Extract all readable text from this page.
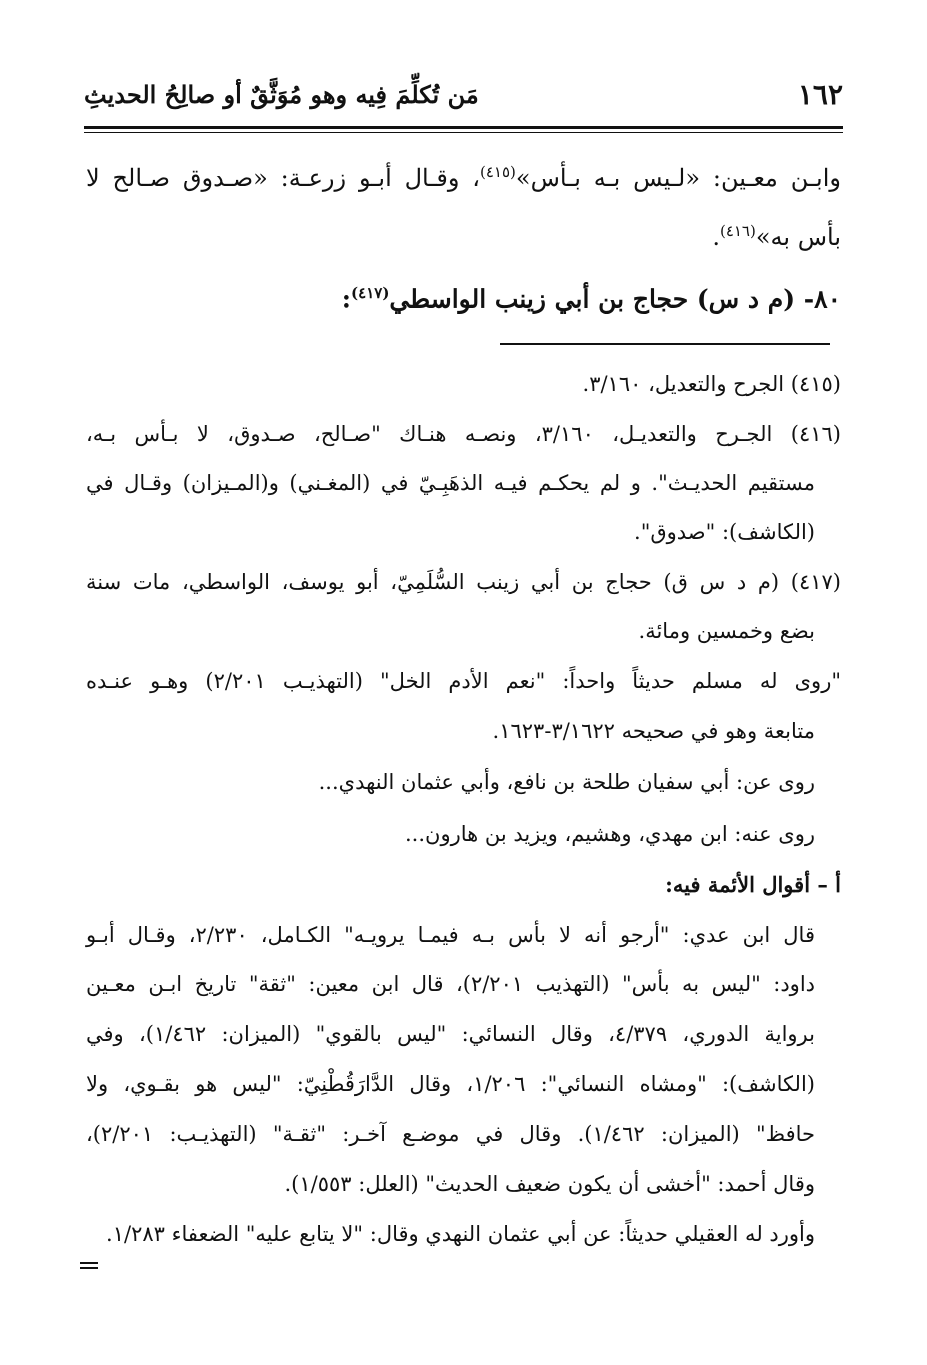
١٦٢
مَن تُكلِّمَ فِيه وهو مُوَثَّقٌ أو صالِحُ الحديثِ
وابـن معـين: «لـيس بـه بـأس»$^{(٤١٥)}$، وقـال أبـو زرعـة: «صـدوق صـالح لا
بأس به»$^{(٤١٦)}$.
٨٠- (م د س) حجاج بن أبي زينب الواسطي$^{(٤١٧)}$:
(٤١٥) الجرح والتعديل، ٣/١٦٠.
(٤١٦) الجـرح والتعديـل، ٣/١٦٠، ونصـه هنـاك "صـالح، صـدوق، لا بـأس بـه،
مستقيم الحديـث". و لم يحكـم فيـه الذهَبِـيّ في (المغـني) و(المـيزان) وقـال في
(الكاشف): "صدوق".
(٤١٧) (م د س ق) حجاج بن أبي زينب السُّلَمِيّ، أبو يوسف، الواسطي، مات سنة
بضع وخمسين ومائة.
"روى له مسلم حديثاً واحداً: "نعم الأدم الخل" (التهذيـب ٢/٢٠١) وهـو عنـده
متابعة وهو في صحيحه ٣/١٦٢٢-١٦٢٣.
روى عن: أبي سفيان طلحة بن نافع، وأبي عثمان النهدي...
روى عنه: ابن مهدي، وهشيم، ويزيد بن هارون...
أ – أقوال الأئمة فيه:
قال ابن عدي: "أرجو أنه لا بأس بـه فيمـا يرويـه" الكـامل، ٢/٢٣٠، وقـال أبـو
داود: "ليس به بأس" (التهذيب ٢/٢٠١)، قال ابن معين: "ثقة" تاريخ ابـن معـين
برواية الدوري، ٤/٣٧٩، وقال النسائي: "ليس بالقوي" (الميزان: ١/٤٦٢)، وفي
(الكاشف): "ومشاه النسائي": ١/٢٠٦، وقال الدَّارَقُطْنِيّ: "ليس هو بقـوي، ولا
حافظ" (الميزان: ١/٤٦٢). وقال في موضـع آخـر: "ثقـة" (التهذيـب: ٢/٢٠١)،
وقال أحمد: "أخشى أن يكون ضعيف الحديث" (العلل: ١/٥٥٣).
وأورد له العقيلي حديثاً: عن أبي عثمان النهدي وقال: "لا يتابع عليه" الضعفاء ١/٢٨٣.
